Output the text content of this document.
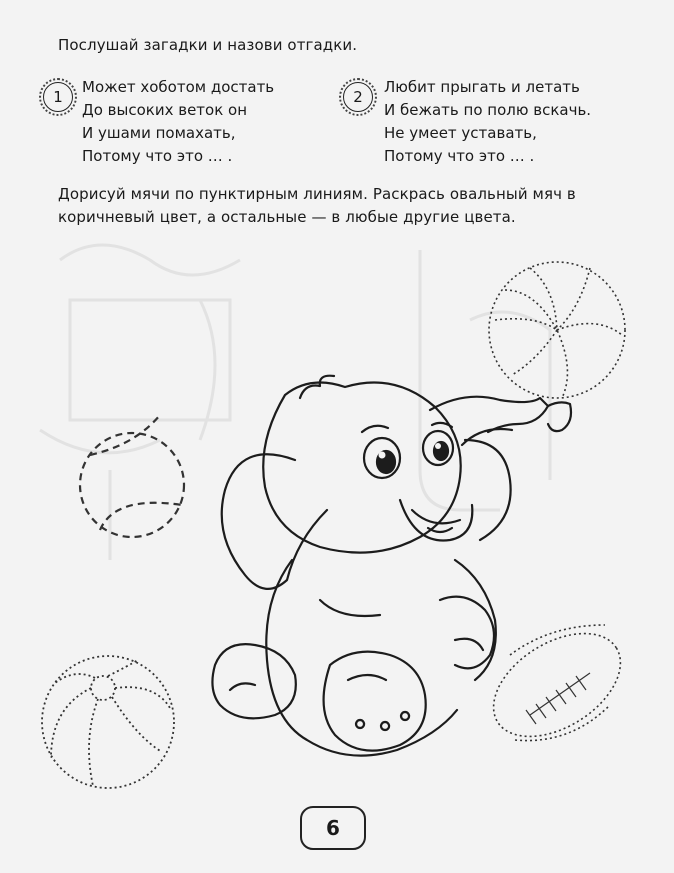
Послушай загадки и назови отгадки.
1
Может хоботом достать
До высоких веток он
И ушами помахать,
Потому что это … .
2
Любит прыгать и летать
И бежать по полю вскачь.
Не умеет уставать,
Потому что это … .
Дорисуй мячи по пунктирным линиям. Раскрась овальный мяч в коричневый цвет, а остальные — в любые другие цвета.
6
